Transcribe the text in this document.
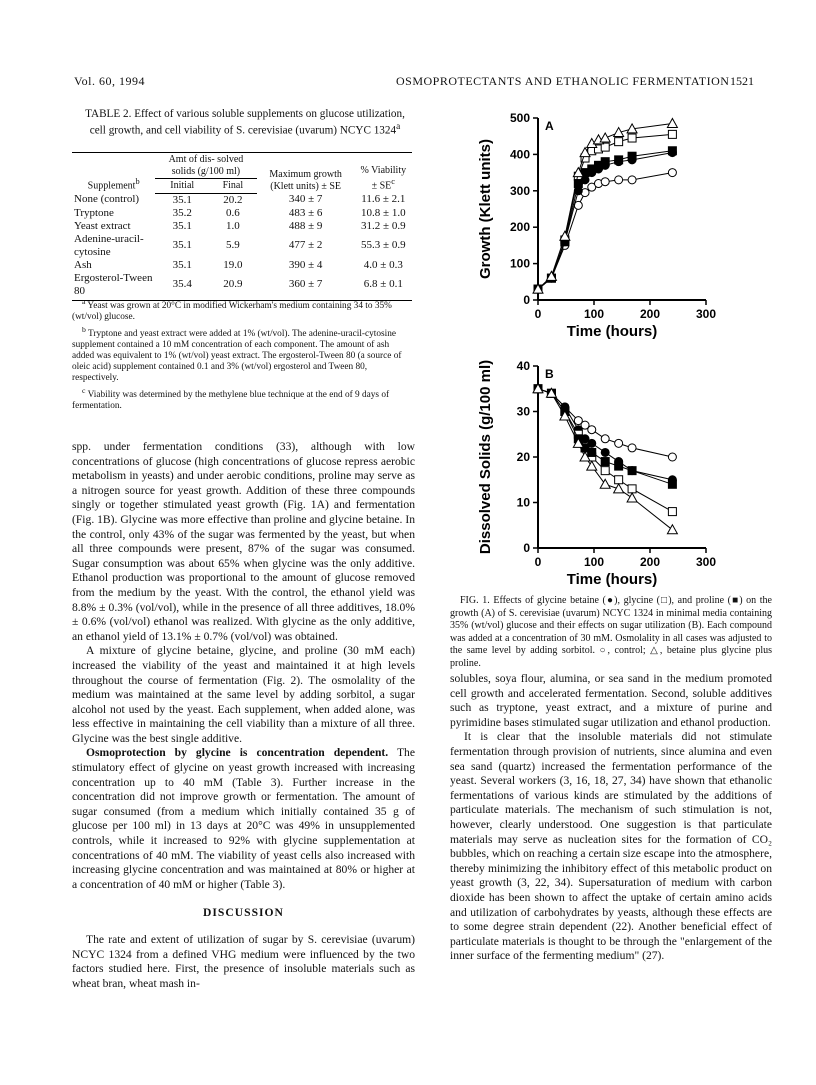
Vol. 60, 1994	OSMOPROTECTANTS AND ETHANOLIC FERMENTATION 1521
TABLE 2. Effect of various soluble supplements on glucose utilization, cell growth, and cell viability of S. cerevisiae (uvarum) NCYC 1324$^a$
Supplement$^b$	Amt of dis- solved solids (g/100 ml)		Maximum growth (Klett units) ± SE	% Viability ± $SE^c$
	Initial	Final		
None (control)	35.1	20.2	340 ± 7	11.6 ± 2.1
Tryptone	35.2	0.6	483 ± 6	10.8 ± 1.0
Yeast extract	35.1	1.0	488 ± 9	31.2 ± 0.9
Adenine-uracil-cytosine	35.1	5.9	477 ± 2	55.3 ± 0.9
Ash	35.1	19.0	390 ± 4	4.0 ± 0.3
Ergosterol-Tween 80	35.4	20.9	360 ± 7	6.8 ± 0.1

$^a$ Yeast was grown at 20°C in modified Wickerham's medium containing 34 to 35% (wt/vol) glucose.

$^b$ Tryptone and yeast extract were added at 1% (wt/vol). The adenine-uracil-cytosine supplement contained a 10 mM concentration of each component. The amount of ash added was equivalent to 1% (wt/vol) yeast extract. The ergosterol-Tween 80 (a source of oleic acid) supplement contained 0.1 and 3% (wt/vol) ergosterol and Tween 80, respectively.

$^c$ Viability was determined by the methylene blue technique at the end of 9 days of fermentation.

spp. under fermentation conditions (33), although with low concentrations of glucose (high concentrations of glucose repress aerobic metabolism in yeasts) and under aerobic conditions, proline may serve as a nitrogen source for yeast growth. Addition of these three compounds singly or together stimulated yeast growth (Fig. 1A) and fermentation (Fig. 1B). Glycine was more effective than proline and glycine betaine. In the control, only 43% of the sugar was fermented by the yeast, but when all three compounds were present, 87% of the sugar was consumed. Sugar consumption was about 65% when glycine was the only additive. Ethanol production was proportional to the amount of glucose removed from the medium by the yeast. With the control, the ethanol yield was 8.8% ± 0.3% (vol/vol), while in the presence of all three additives, 18.0% ± 0.6% (vol/vol) ethanol was realized. With glycine as the only additive, an ethanol yield of 13.1% ± 0.7% (vol/vol) was obtained.

A mixture of glycine betaine, glycine, and proline (30 mM each) increased the viability of the yeast and maintained it at high levels throughout the course of fermentation (Fig. 2). The osmolality of the medium was maintained at the same level by adding sorbitol, a sugar alcohol not used by the yeast. Each supplement, when added alone, was less effective in maintaining the cell viability than a mixture of all three. Glycine was the best single additive.

Osmoprotection by glycine is concentration dependent. The stimulatory effect of glycine on yeast growth increased with increasing concentration up to 40 mM (Table 3). Further increase in the concentration did not improve growth or fermentation. The amount of sugar consumed (from a medium which initially contained 35 g of glucose per 100 ml) in 13 days at 20°C was 49% in unsupplemented controls, while it increased to 92% with glycine supplementation at concentrations of 40 mM. The viability of yeast cells also increased with increasing glycine concentration and was maintained at 80% or higher at a concentration of 40 mM or higher (Table 3).

DISCUSSION

The rate and extent of utilization of sugar by S. cerevisiae (uvarum) NCYC 1324 from a defined VHG medium were influenced by the two factors studied here. First, the presence of insoluble materials such as wheat bran, wheat mash in-

0
100
200
300
400
500
0	100	200	300
Time (hours)
Growth (Klett units)
A
0
10
20
30
40
0	100	200	300
Time (hours)
Dissolved Solids (g/100 ml)	B

FIG. 1. Effects of glycine betaine (●), glycine (□), and proline (■) on the growth (A) of S. cerevisiae (uvarum) NCYC 1324 in minimal media containing 35% (wt/vol) glucose and their effects on sugar utilization (B). Each compound was added at a concentration of 30 mM. Osmolality in all cases was adjusted to the same level by adding sorbitol. ○, control; △, betaine plus glycine plus proline.

solubles, soya flour, alumina, or sea sand in the medium promoted cell growth and accelerated fermentation. Second, soluble additives such as tryptone, yeast extract, and a mixture of purine and pyrimidine bases stimulated sugar utilization and ethanol production.

It is clear that the insoluble materials did not stimulate fermentation through provision of nutrients, since alumina and even sea sand (quartz) increased the fermentation performance of the yeast. Several workers (3, 16, 18, 27, 34) have shown that ethanolic fermentations of various kinds are stimulated by the additions of particulate materials. The mechanism of such stimulation is not, however, clearly understood. One suggestion is that particulate materials may serve as nucleation sites for the formation of CO₂ bubbles, which on reaching a certain size escape into the atmosphere, thereby minimizing the inhibitory effect of this metabolic product on yeast growth (3, 22, 34). Supersaturation of medium with carbon dioxide has been shown to affect the uptake of certain amino acids and utilization of carbohydrates by yeasts, although these effects are to some degree strain dependent (22). Another beneficial effect of particulate materials is thought to be through the "enlargement of the inner surface of the fermenting medium" (27).
